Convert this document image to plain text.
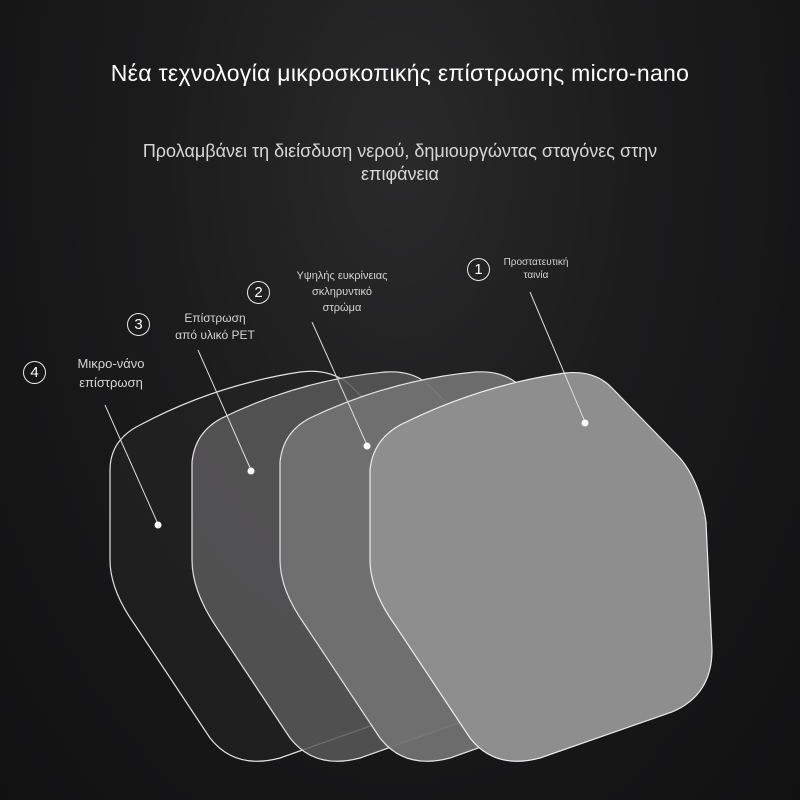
Νέα τεχνολογία μικροσκοπικής επίστρωσης micro-nano
Προλαμβάνει τη διείσδυση νερού, δημιουργώντας σταγόνες στην
επιφάνεια
1	Προστατευτική
ταινία
2
Υψηλής ευκρίνειας
σκληρυντικό
στρώμα
3	Επίστρωση
από υλικό PET
4
Μικρο-νάνο
επίστρωση
